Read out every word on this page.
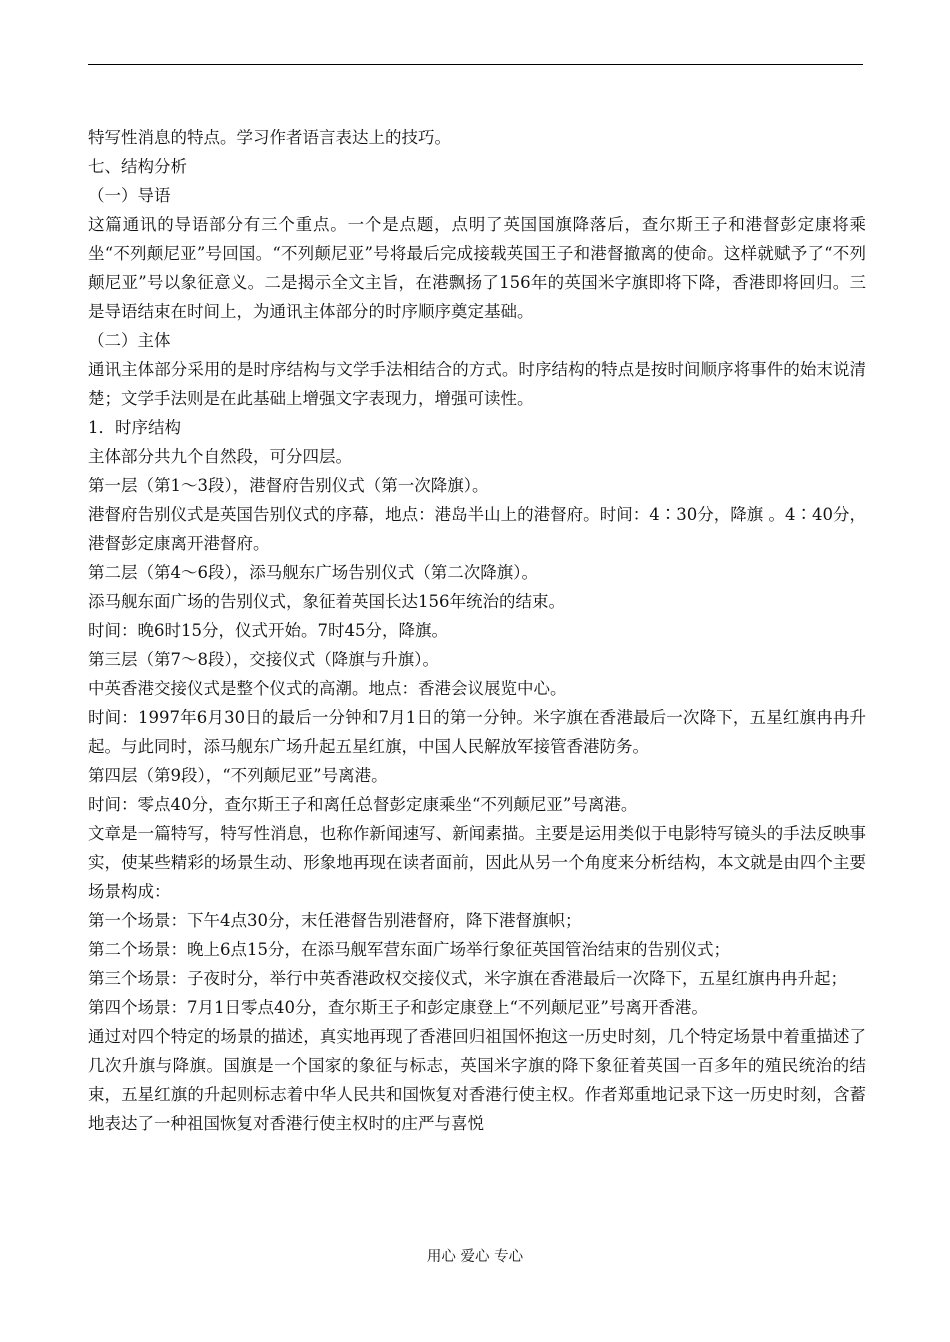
特写性消息的特点。学习作者语言表达上的技巧。

七、结构分析

（一）导语

这篇通讯的导语部分有三个重点。一个是点题，点明了英国国旗降落后，查尔斯王子和港督彭定康将乘坐“不列颠尼亚”号回国。“不列颠尼亚”号将最后完成接载英国王子和港督撤离的使命。这样就赋予了“不列颠尼亚”号以象征意义。二是揭示全文主旨，在港飘扬了156年的英国米字旗即将下降，香港即将回归。三是导语结束在时间上，为通讯主体部分的时序顺序奠定基础。

（二）主体

通讯主体部分采用的是时序结构与文学手法相结合的方式。时序结构的特点是按时间顺序将事件的始末说清楚；文学手法则是在此基础上增强文字表现力，增强可读性。

1．时序结构

主体部分共九个自然段，可分四层。

第一层（第1～3段），港督府告别仪式（第一次降旗）。

港督府告别仪式是英国告别仪式的序幕，地点：港岛半山上的港督府。时间：4∶30分，降旗 。4∶40分，港督彭定康离开港督府。

第二层（第4～6段），添马舰东广场告别仪式（第二次降旗）。

添马舰东面广场的告别仪式，象征着英国长达156年统治的结束。

时间：晚6时15分，仪式开始。7时45分，降旗。

第三层（第7～8段），交接仪式（降旗与升旗）。

中英香港交接仪式是整个仪式的高潮。地点：香港会议展览中心。

时间：1997年6月30日的最后一分钟和7月1日的第一分钟。米字旗在香港最后一次降下，五星红旗冉冉升起。与此同时，添马舰东广场升起五星红旗，中国人民解放军接管香港防务。

第四层（第9段），“不列颠尼亚”号离港。

时间：零点40分，查尔斯王子和离任总督彭定康乘坐“不列颠尼亚”号离港。

文章是一篇特写，特写性消息，也称作新闻速写、新闻素描。主要是运用类似于电影特写镜头的手法反映事实，使某些精彩的场景生动、形象地再现在读者面前，因此从另一个角度来分析结构，本文就是由四个主要场景构成：

第一个场景：下午4点30分，末任港督告别港督府，降下港督旗帜；

第二个场景：晚上6点15分，在添马舰军营东面广场举行象征英国管治结束的告别仪式；

第三个场景：子夜时分，举行中英香港政权交接仪式，米字旗在香港最后一次降下，五星红旗冉冉升起；

第四个场景：7月1日零点40分，查尔斯王子和彭定康登上“不列颠尼亚”号离开香港。

通过对四个特定的场景的描述，真实地再现了香港回归祖国怀抱这一历史时刻，几个特定场景中着重描述了几次升旗与降旗。国旗是一个国家的象征与标志，英国米字旗的降下象征着英国一百多年的殖民统治的结束，五星红旗的升起则标志着中华人民共和国恢复对香港行使主权。作者郑重地记录下这一历史时刻，含蓄地表达了一种祖国恢复对香港行使主权时的庄严与喜悦

用心 爱心 专心
